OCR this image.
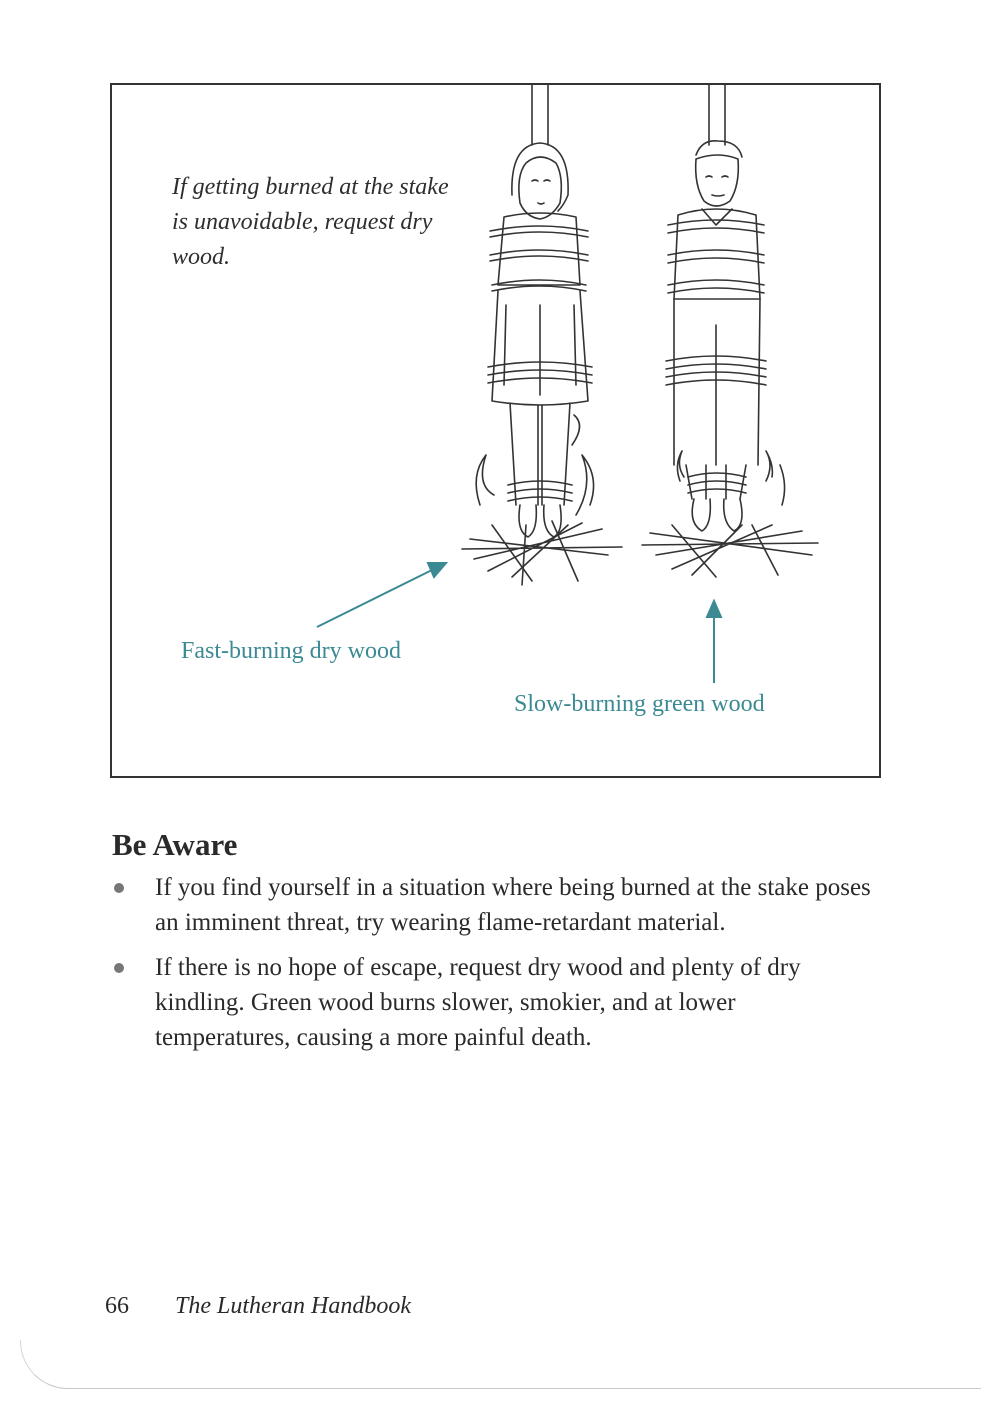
If getting burned at the stake is unavoidable, request dry wood.
Fast-burning dry wood
Slow-burning green wood
Be Aware
If you find yourself in a situation where being burned at the stake poses an imminent threat, try wearing flame-retardant material.
If there is no hope of escape, request dry wood and plenty of dry kindling. Green wood burns slower, smokier, and at lower temperatures, causing a more painful death.
66 The Lutheran Handbook
